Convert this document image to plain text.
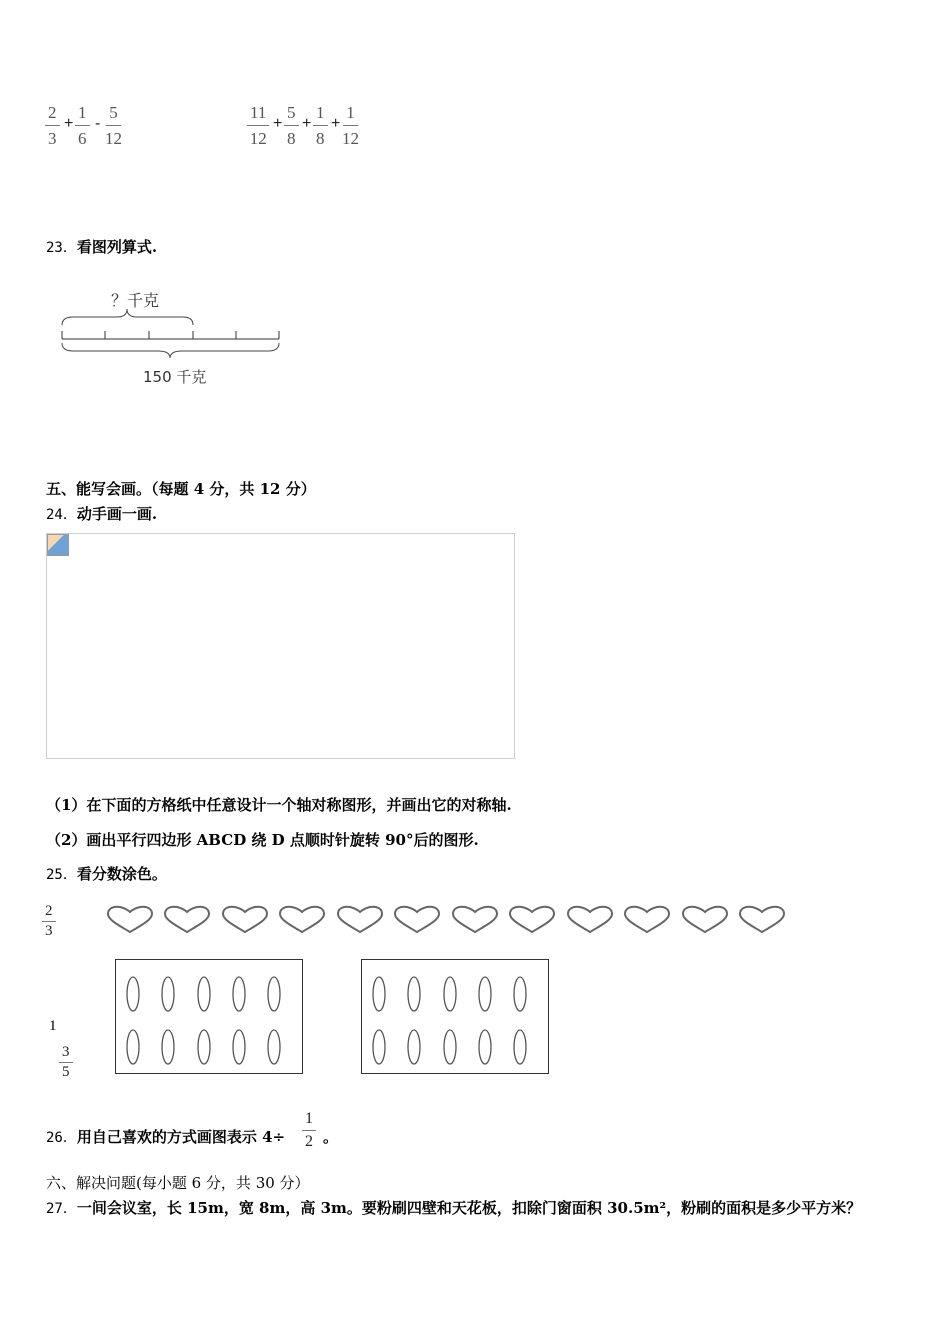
$\frac{2}{3} + \frac{1}{6} - \frac{5}{12}$	$\frac{11}{12} + \frac{5}{8} + \frac{1}{8} + \frac{1}{12}$
23．看图列算式.
？千克
150 千克
五、能写会画。（每题 4 分，共 12 分）
24．动手画一画.
（1）在下面的方格纸中任意设计一个轴对称图形，并画出它的对称轴.
（2）画出平行四边形 ABCD 绕 D 点顺时针旋转 90°后的图形.
25．看分数涂色。
$\frac{2}{3}$
1
$\frac{3}{5}$
26．用自己喜欢的方式画图表示 $4\div \frac{1}{2}$ 。
六、解决问题(每小题 6 分，共 30 分）
27．一间会议室，长 15m，宽 8m，高 3m。要粉刷四壁和天花板，扣除门窗面积 30.5m²，粉刷的面积是多少平方米？
